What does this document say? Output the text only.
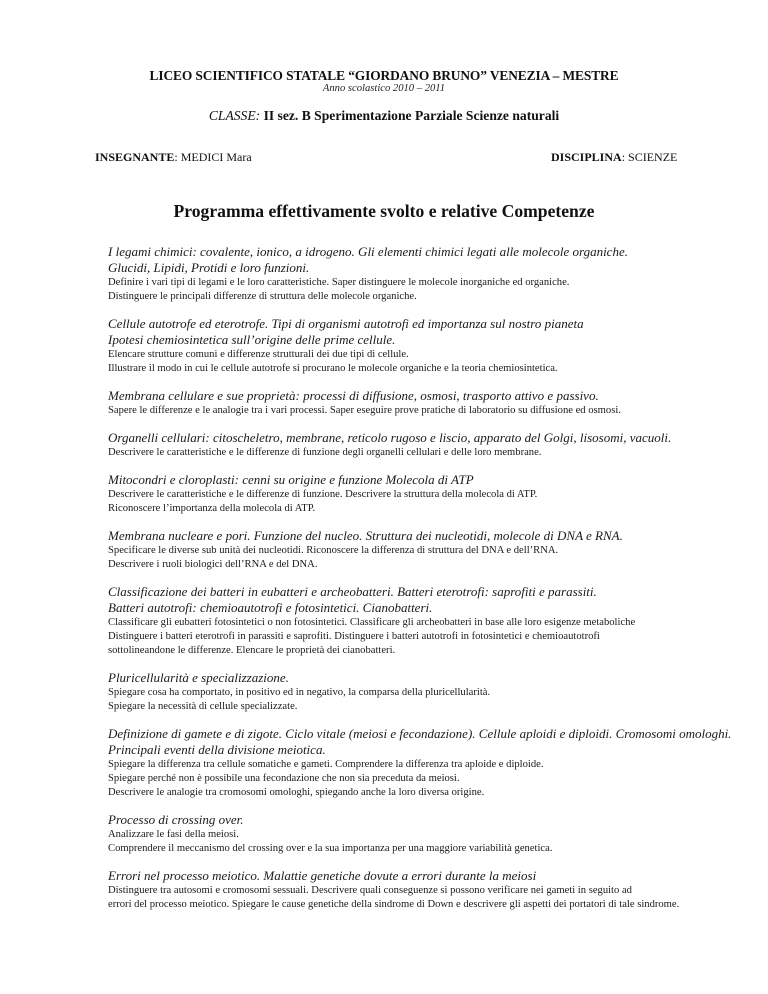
LICEO SCIENTIFICO STATALE “GIORDANO BRUNO” VENEZIA – MESTRE
Anno scolastico 2010 – 2011
CLASSE: II sez. B Sperimentazione Parziale Scienze naturali
INSEGNANTE: MEDICI Mara	DISCIPLINA: SCIENZE
Programma effettivamente svolto e relative Competenze
I legami chimici: covalente, ionico, a idrogeno. Gli elementi chimici legati alle molecole organiche.
Glucidi, Lipidi, Protidi e loro funzioni.
Definire i vari tipi di legami e le loro caratteristiche. Saper distinguere le molecole inorganiche ed organiche.
Distinguere le principali differenze di struttura delle molecole organiche.
Cellule autotrofe ed eterotrofe. Tipi di organismi autotrofi ed importanza sul nostro pianeta
Ipotesi chemiosintetica sull’origine delle prime cellule.
Elencare strutture comuni e differenze strutturali dei due tipi di cellule.
Illustrare il modo in cui le cellule autotrofe si procurano le molecole organiche e la teoria chemiosintetica.
Membrana cellulare e sue proprietà: processi di diffusione, osmosi, trasporto attivo e passivo.
Sapere le differenze e le analogie tra i vari processi. Saper eseguire prove pratiche di laboratorio su diffusione ed osmosi.
Organelli cellulari: citoscheletro, membrane, reticolo rugoso e liscio, apparato del Golgi, lisosomi, vacuoli.
Descrivere le caratteristiche e le differenze di funzione degli organelli cellulari e delle loro membrane.
Mitocondri e cloroplasti: cenni su origine e funzione Molecola di ATP
Descrivere le caratteristiche e le differenze di funzione. Descrivere la struttura della molecola di ATP.
Riconoscere l’importanza della molecola di ATP.
Membrana nucleare e pori. Funzione del nucleo. Struttura dei nucleotidi, molecole di DNA e RNA.
Specificare le diverse sub unità dei nucleotidi. Riconoscere la differenza di struttura del DNA e dell’RNA.
Descrivere i ruoli biologici dell’RNA e del DNA.
Classificazione dei batteri in eubatteri e archeobatteri. Batteri eterotrofi: saprofiti e parassiti.
Batteri autotrofi: chemioautotrofi e fotosintetici. Cianobatteri.
Classificare gli eubatteri fotosintetici o non fotosintetici. Classificare gli archeobatteri in base alle loro esigenze metaboliche
Distinguere i batteri eterotrofi in parassiti e saprofiti. Distinguere i batteri autotrofi in fotosintetici e chemioautotrofi
sottolineandone le differenze. Elencare le proprietà dei cianobatteri.
Pluricellularità e specializzazione.
Spiegare cosa ha comportato, in positivo ed in negativo, la comparsa della pluricellularità.
Spiegare la necessità di cellule specializzate.
Definizione di gamete e di zigote. Ciclo vitale (meiosi e fecondazione). Cellule aploidi e diploidi. Cromosomi omologhi.
Principali eventi della divisione meiotica.
Spiegare la differenza tra cellule somatiche e gameti. Comprendere la differenza tra aploide e diploide.
Spiegare perché non è possibile una fecondazione che non sia preceduta da meiosi.
Descrivere le analogie tra cromosomi omologhi, spiegando anche la loro diversa origine.
Processo di crossing over.
Analizzare le fasi della meiosi.
Comprendere il meccanismo del crossing over e la sua importanza per una maggiore variabilità genetica.
Errori nel processo meiotico. Malattie genetiche dovute a errori durante la meiosi
Distinguere tra autosomi e cromosomi sessuali. Descrivere quali conseguenze si possono verificare nei gameti in seguito ad
errori del processo meiotico. Spiegare le cause genetiche della sindrome di Down e descrivere gli aspetti dei portatori di tale sindrome.
